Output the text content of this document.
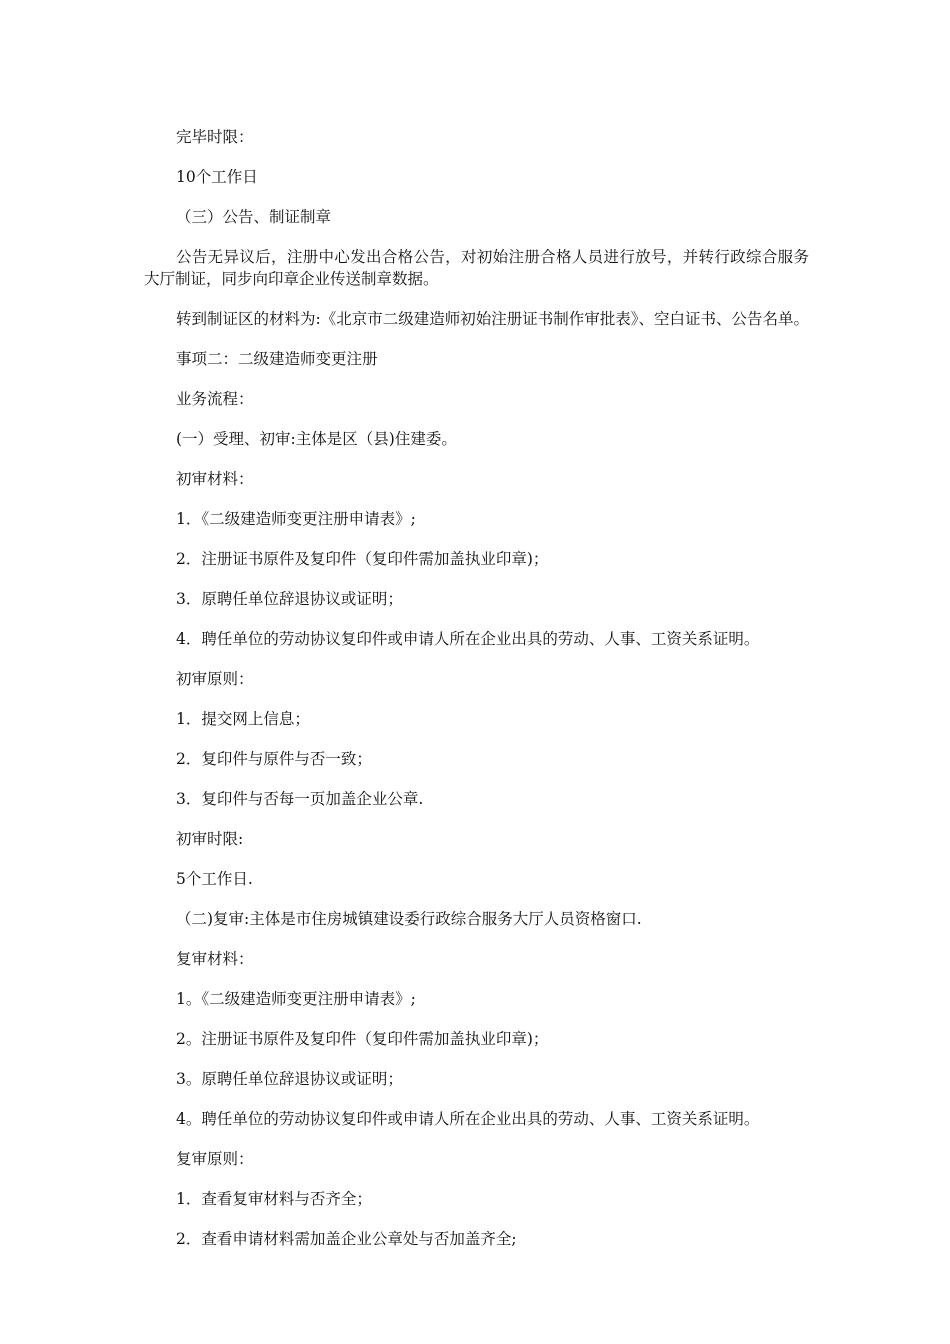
完毕时限：

10个工作日

（三）公告、制证制章

公告无异议后，注册中心发出合格公告，对初始注册合格人员进行放号，并转行政综合服务大厅制证，同步向印章企业传送制章数据。

转到制证区的材料为:《北京市二级建造师初始注册证书制作审批表》、空白证书、公告名单。

事项二：二级建造师变更注册

业务流程：

(一）受理、初审:主体是区（县)住建委。

初审材料：

1．《二级建造师变更注册申请表》;

2．注册证书原件及复印件（复印件需加盖执业印章)；

3．原聘任单位辞退协议或证明；

4．聘任单位的劳动协议复印件或申请人所在企业出具的劳动、人事、工资关系证明。

初审原则：

1．提交网上信息；

2．复印件与原件与否一致；

3．复印件与否每一页加盖企业公章.

初审时限:

5个工作日.

（二)复审:主体是市住房城镇建设委行政综合服务大厅人员资格窗口.

复审材料：

1。《二级建造师变更注册申请表》;

2。注册证书原件及复印件（复印件需加盖执业印章)；

3。原聘任单位辞退协议或证明；

4。聘任单位的劳动协议复印件或申请人所在企业出具的劳动、人事、工资关系证明。

复审原则：

1．查看复审材料与否齐全；

2．查看申请材料需加盖企业公章处与否加盖齐全;
